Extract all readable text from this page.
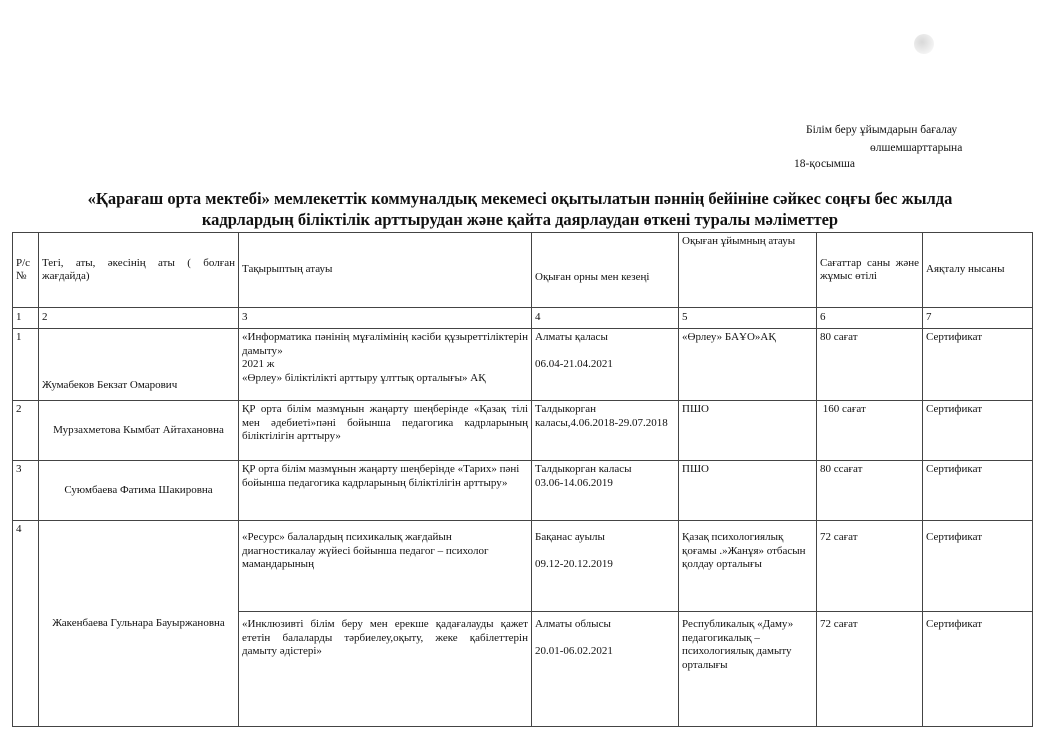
Білім беру ұйымдарын бағалау
өлшемшарттарына
18-қосымша
«Қарағаш орта мектебі» мемлекеттік коммуналдық мекемесі оқытылатын пәннің бейініне сәйкес соңғы бес жылда
кадрлардың біліктілік арттырудан және қайта даярлаудан өткені туралы мәліметтер
Р/с №	Тегі, аты, әкесінің аты ( болған жағдайда)	Тақырыптың атауы	Оқыған орны мен кезеңі	Оқыған ұйымның атауы	Сағаттар саны және жұмыс өтілі	Аяқталу нысаны
1	2	3	4	5	6	7
1	Жумабеков Бекзат Омарович	«Информатика пәнінің мұғалімінің кәсіби құзыреттіліктерін дамыту»
2021 ж
«Өрлеу» біліктілікті арттыру ұлттық орталығы» АҚ	Алматы қаласы

06.04-21.04.2021	«Өрлеу» БАҰО»АҚ	80 сағат	Сертификат
2	Мурзахметова Кымбат Айтахановна	ҚР орта білім мазмұнын жаңарту шеңберінде «Қазақ тілі мен әдебиеті»пәні бойынша педагогика кадрларының біліктілігін арттыру»	Талдыкорган каласы,4.06.2018-29.07.2018	ПШО	160 сағат	Сертификат
3	Суюмбаева Фатима Шакировна	ҚР орта білім мазмұнын жаңарту шеңберінде «Тарих» пәні бойынша педагогика кадрларының біліктілігін арттыру»	Талдыкорган каласы
03.06-14.06.2019	ПШО	80 ссағат	Сертификат
4	Жакенбаева Гульнара Бауыржановна	«Ресурс» балалардың психикалық жағдайын диагностикалау жүйесі бойынша педагог – психолог мамандарының	Бақанас ауылы

09.12-20.12.2019	Қазақ психологиялық қоғамы .»Жанұя» отбасын қолдау орталығы	72 сағат	Сертификат
		«Инклюзивті білім беру мен ерекше қадағалауды қажет ететін балаларды тәрбиелеу,оқыту, жеке қабілеттерін дамыту әдістері»	Алматы облысы

20.01-06.02.2021	Республикалық «Даму» педагогикалық – психологиялық дамыту орталығы	72 сағат	Сертификат
